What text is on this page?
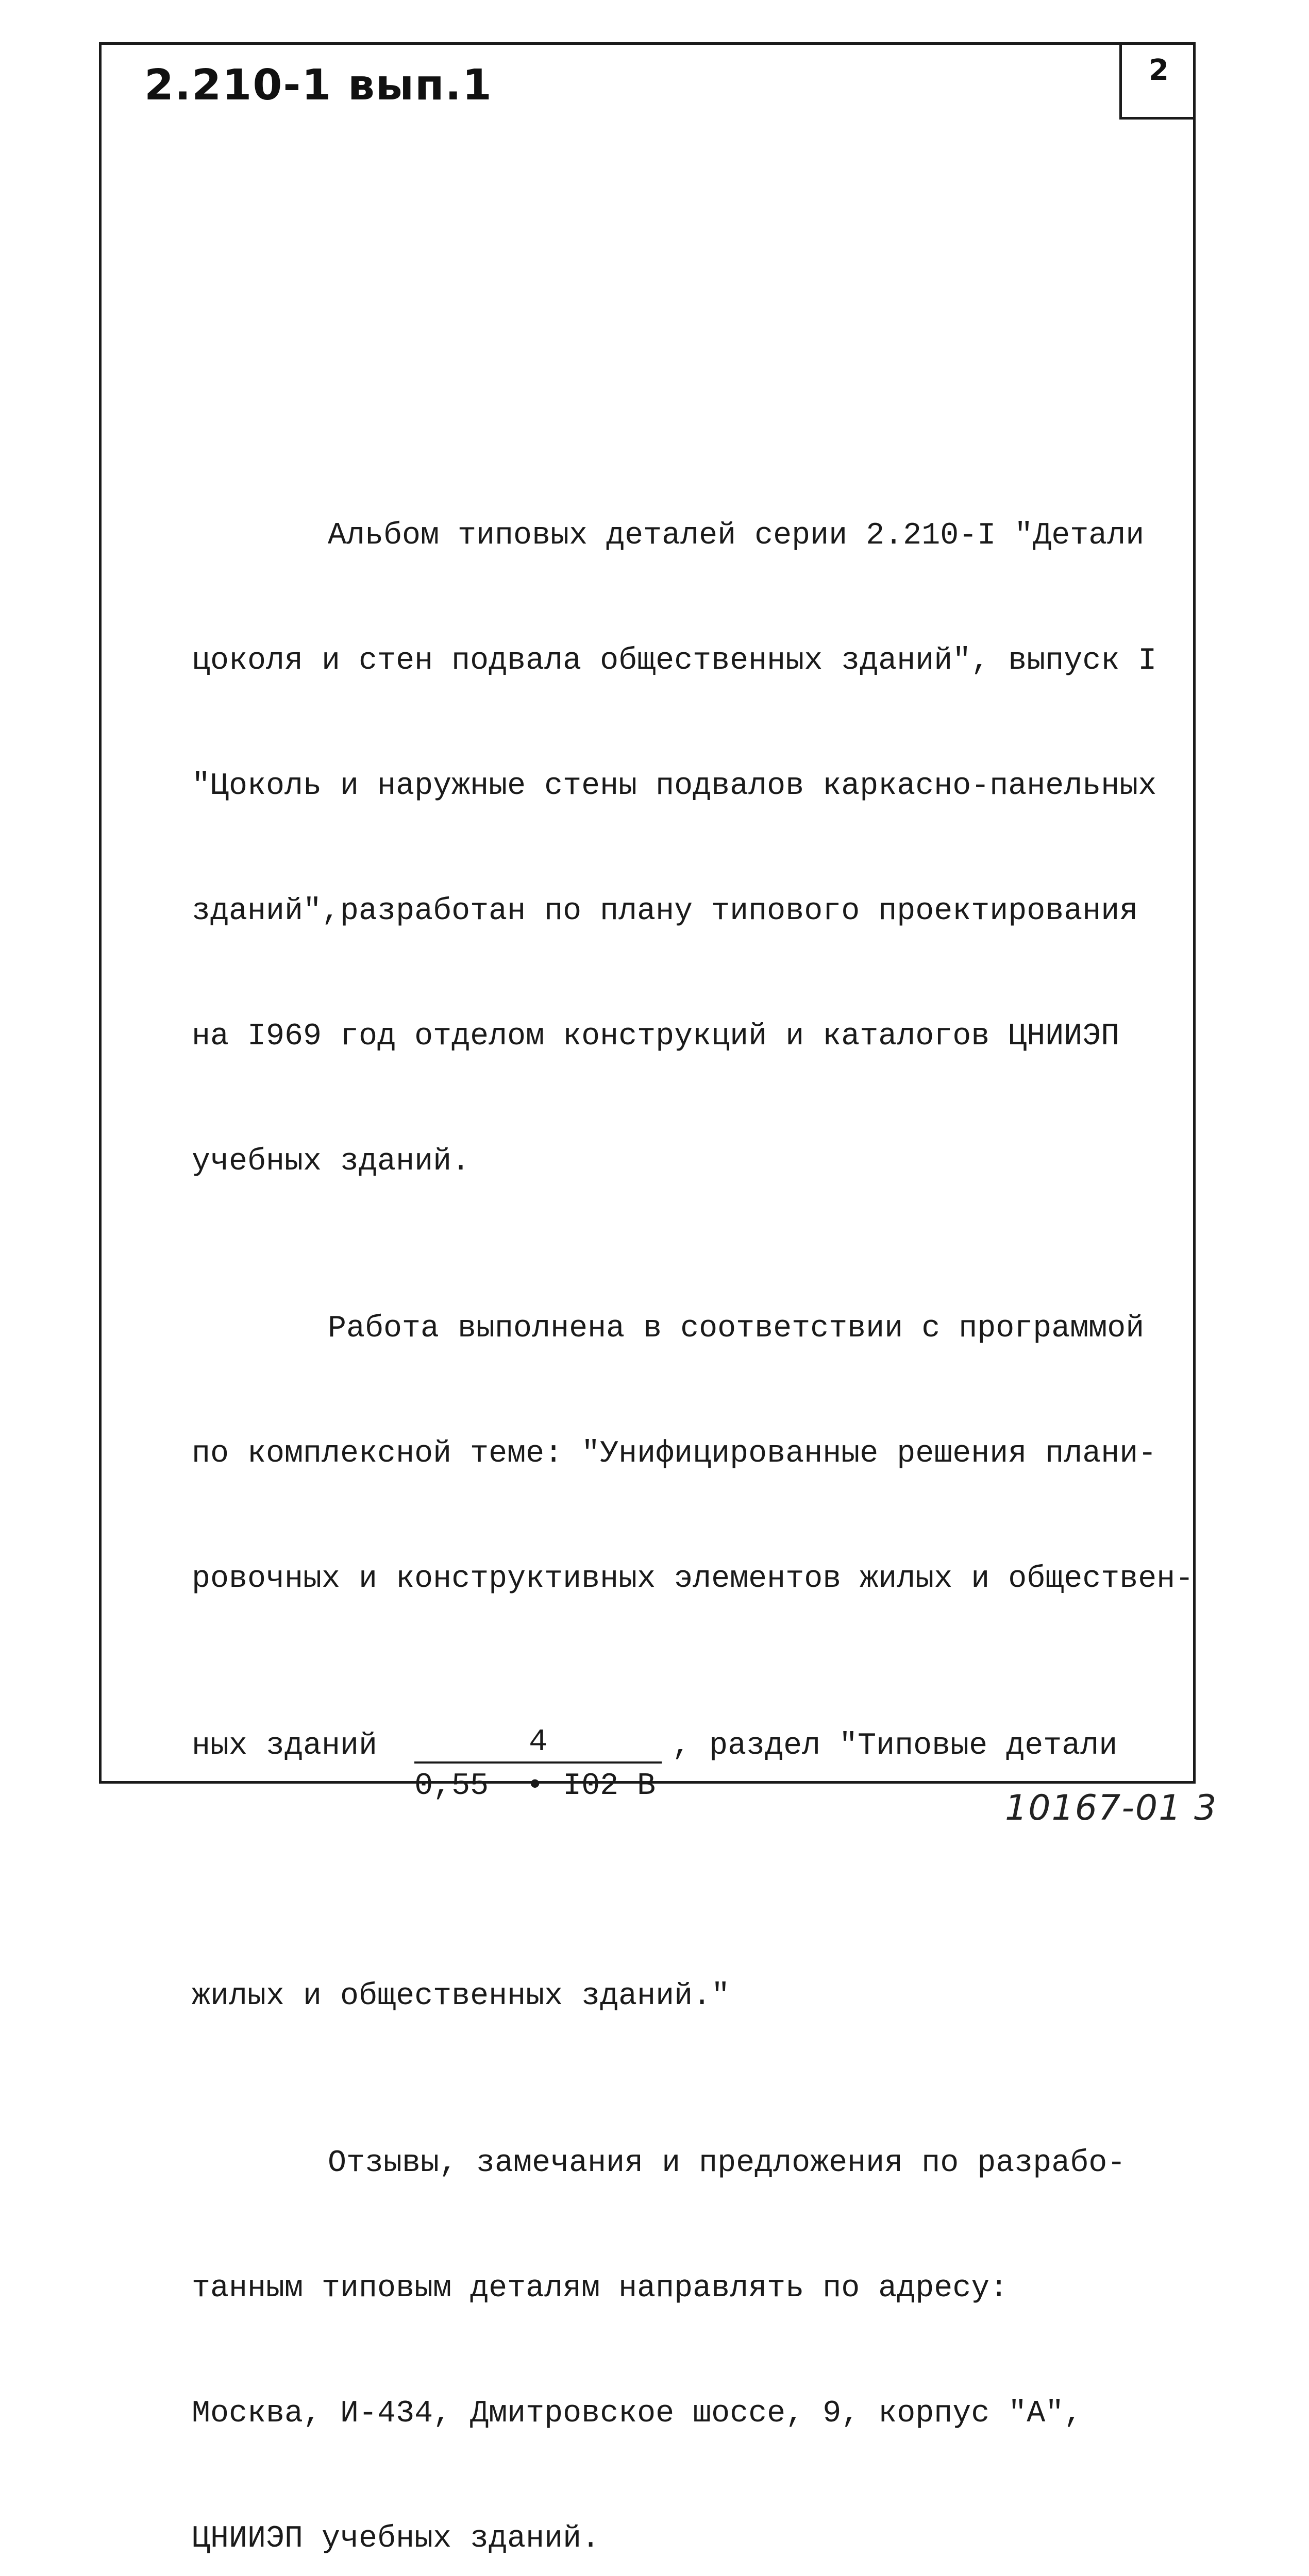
2.210-1 вып.1	2

Альбом типовых деталей серии 2.210-I "Детали

цоколя и стен подвала общественных зданий", выпуск I

"Цоколь и наружные стены подвалов каркасно-панельных

зданий",разработан по плану типового проектирования

на I969 год отделом конструкций и каталогов ЦНИИЭП

учебных зданий.

Работа выполнена в соответствии с программой

по комплексной теме: "Унифицированные решения плани-

ровочных и конструктивных элементов жилых и обществен-

ных зданий $\frac{4}{0,55 • I02 В}$ , раздел "Типовые детали

жилых и общественных зданий."

Отзывы, замечания и предложения по разрабо-

танным типовым деталям направлять по адресу:

Москва, И-434, Дмитровское шоссе, 9, корпус "А",

ЦНИИЭП учебных зданий.

10167-01 3
